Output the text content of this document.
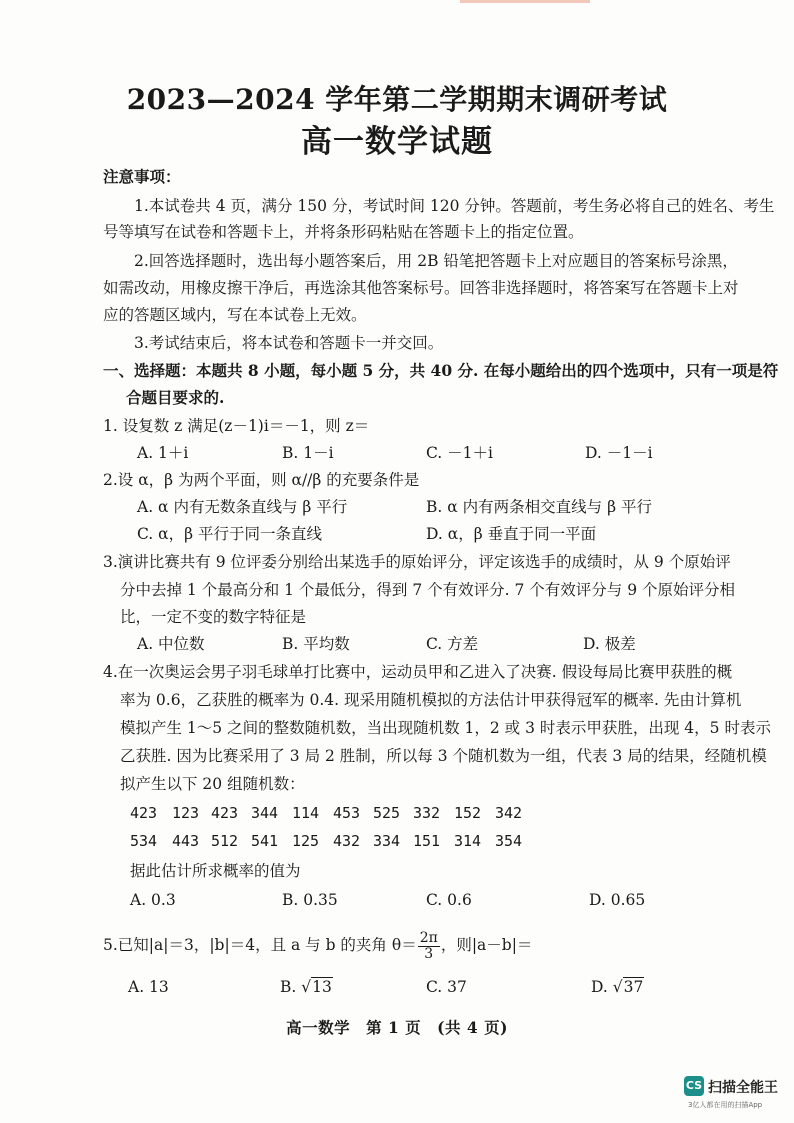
2023—2024 学年第二学期期末调研考试
高一数学试题
注意事项：
1.本试卷共 4 页，满分 150 分，考试时间 120 分钟。答题前，考生务必将自己的姓名、考生
号等填写在试卷和答题卡上，并将条形码粘贴在答题卡上的指定位置。
2.回答选择题时，选出每小题答案后，用 2B 铅笔把答题卡上对应题目的答案标号涂黑，
如需改动，用橡皮擦干净后，再选涂其他答案标号。回答非选择题时，将答案写在答题卡上对
应的答题区域内，写在本试卷上无效。
3.考试结束后，将本试卷和答题卡一并交回。
一、选择题：本题共 8 小题，每小题 5 分，共 40 分. 在每小题给出的四个选项中，只有一项是符
合题目要求的.
1. 设复数 z 满足(z－1)i＝－1，则 z＝
A. 1＋i	B. 1－i	C. －1＋i	D. －1－i
2.设 α，β 为两个平面，则 α//β 的充要条件是
A. α 内有无数条直线与 β 平行	B. α 内有两条相交直线与 β 平行
C. α，β 平行于同一条直线	D. α，β 垂直于同一平面
3.演讲比赛共有 9 位评委分别给出某选手的原始评分，评定该选手的成绩时，从 9 个原始评
分中去掉 1 个最高分和 1 个最低分，得到 7 个有效评分. 7 个有效评分与 9 个原始评分相
比，一定不变的数字特征是
A. 中位数	B. 平均数	C. 方差	D. 极差
4.在一次奥运会男子羽毛球单打比赛中，运动员甲和乙进入了决赛. 假设每局比赛甲获胜的概
率为 0.6，乙获胜的概率为 0.4. 现采用随机模拟的方法估计甲获得冠军的概率. 先由计算机
模拟产生 1～5 之间的整数随机数，当出现随机数 1，2 或 3 时表示甲获胜，出现 4，5 时表示
乙获胜. 因为比赛采用了 3 局 2 胜制，所以每 3 个随机数为一组，代表 3 局的结果，经随机模
拟产生以下 20 组随机数：
423 123 423 344 114 453 525 332 152 342
534 443 512 541 125 432 334 151 314 354
据此估计所求概率的值为
A. 0.3	B. 0.35	C. 0.6	D. 0.65
5.已知|a|＝3，|b|＝4，且 a 与 b 的夹角 $\theta= \frac{2\pi}{3}$ ，则|a－b|＝
A. 13	B. √13	C. 37	D. √37
高一数学　第 1 页　(共 4 页)
CS 扫描全能王
3亿人都在用的扫描App
